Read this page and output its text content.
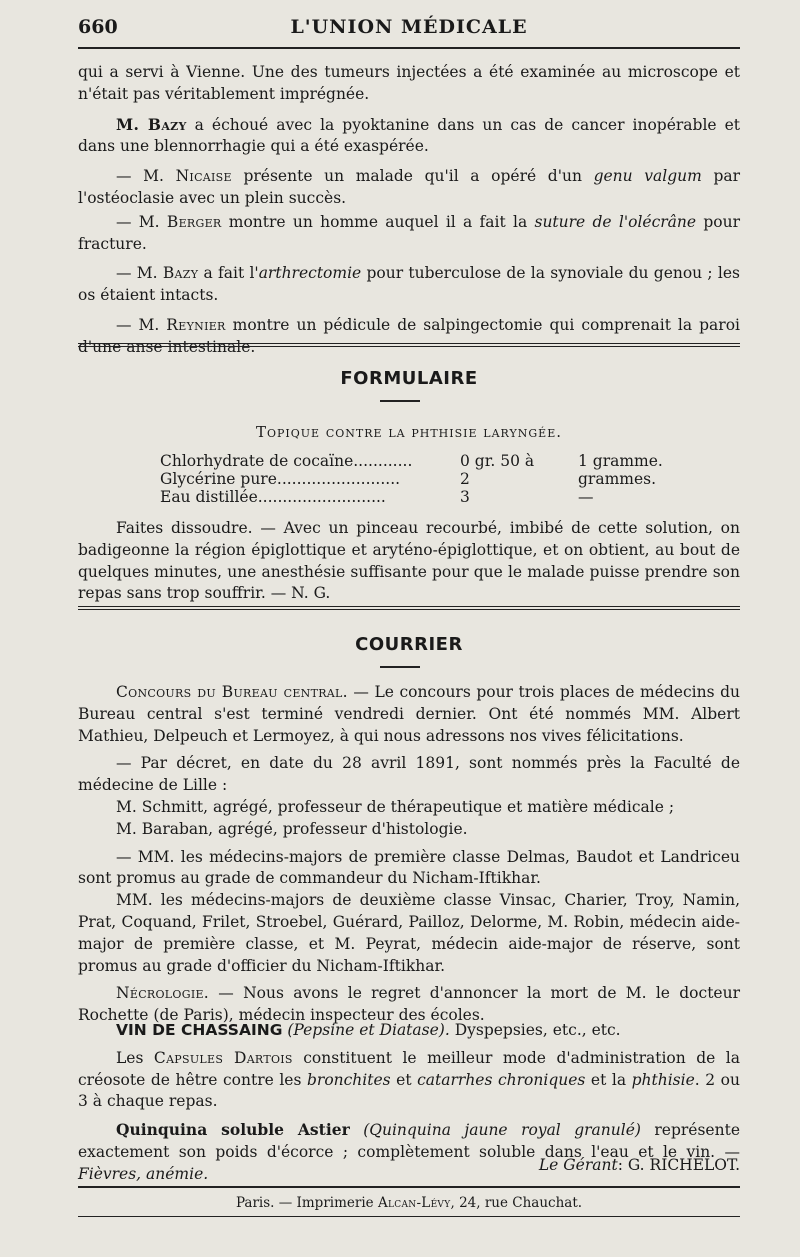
660	L'UNION MÉDICALE

qui a servi à Vienne. Une des tumeurs injectées a été examinée au microscope et n'était pas véritablement imprégnée.

M. Bazy a échoué avec la pyoktanine dans un cas de cancer inopérable et dans une blennorrhagie qui a été exaspérée.

— M. Nicaise présente un malade qu'il a opéré d'un genu valgum par l'ostéoclasie avec un plein succès.

— M. Berger montre un homme auquel il a fait la suture de l'olécrâne pour fracture.

— M. Bazy a fait l'arthrectomie pour tuberculose de la synoviale du genou ; les os étaient intacts.

— M. Reynier montre un pédicule de salpingectomie qui comprenait la paroi d'une anse intestinale.

FORMULAIRE
Topique contre la phthisie laryngée.
Chlorhydrate de cocaïne............	0 gr. 50 à	1 gramme.
Glycérine pure.........................	2	grammes.
Eau distillée..........................	3	—

Faites dissoudre. — Avec un pinceau recourbé, imbibé de cette solution, on badigeonne la région épiglottique et aryténo-épiglottique, et on obtient, au bout de quelques minutes, une anesthésie suffisante pour que le malade puisse prendre son repas sans trop souffrir. — N. G.

COURRIER

Concours du Bureau central. — Le concours pour trois places de médecins du Bureau central s'est terminé vendredi dernier. Ont été nommés MM. Albert Mathieu, Delpeuch et Lermoyez, à qui nous adressons nos vives félicitations.

— Par décret, en date du 28 avril 1891, sont nommés près la Faculté de médecine de Lille :

M. Schmitt, agrégé, professeur de thérapeutique et matière médicale ;

M. Baraban, agrégé, professeur d'histologie.

— MM. les médecins-majors de première classe Delmas, Baudot et Landriceu sont promus au grade de commandeur du Nicham-Iftikhar.

MM. les médecins-majors de deuxième classe Vinsac, Charier, Troy, Namin, Prat, Coquand, Frilet, Stroebel, Guérard, Pailloz, Delorme, M. Robin, médecin aide-major de première classe, et M. Peyrat, médecin aide-major de réserve, sont promus au grade d'officier du Nicham-Iftikhar.

Nécrologie. — Nous avons le regret d'annoncer la mort de M. le docteur Rochette (de Paris), médecin inspecteur des écoles.

VIN DE CHASSAING (Pepsine et Diatase). Dyspepsies, etc., etc.

Les Capsules Dartois constituent le meilleur mode d'administration de la créosote de hêtre contre les bronchites et catarrhes chroniques et la phthisie. 2 ou 3 à chaque repas.

Quinquina soluble Astier (Quinquina jaune royal granulé) représente exactement son poids d'écorce ; complètement soluble dans l'eau et le vin. — Fièvres, anémie.	Le Gérant: G. RICHELOT.
Paris. — Imprimerie Alcan-Lévy, 24, rue Chauchat.
